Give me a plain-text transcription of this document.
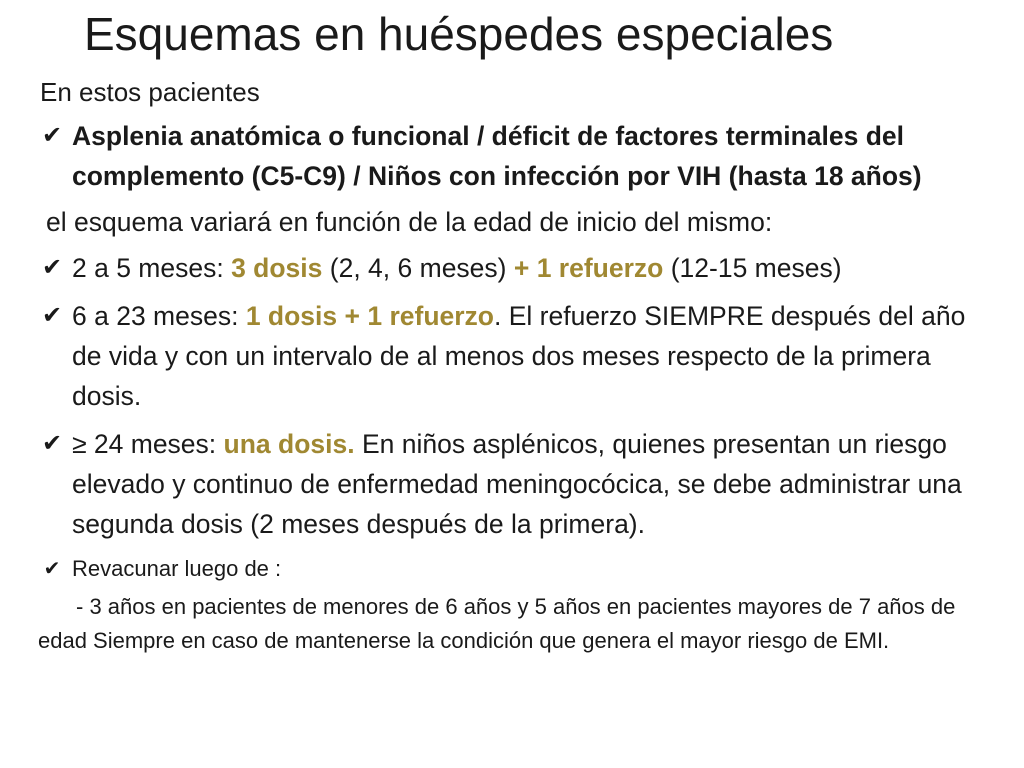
Esquemas en huéspedes especiales
En estos pacientes
✔ Asplenia anatómica o funcional / déficit de factores terminales del complemento (C5-C9) / Niños con infección por VIH (hasta 18 años)
el esquema variará en función de la edad de inicio del mismo:
✔ 2 a 5 meses: 3 dosis (2, 4, 6 meses) + 1 refuerzo (12-15 meses)
✔ 6 a 23 meses: 1 dosis + 1 refuerzo. El refuerzo SIEMPRE después del año de vida y con un intervalo de al menos dos meses respecto de la primera dosis.
✔ ≥ 24 meses: una dosis. En niños asplénicos, quienes presentan un riesgo elevado y continuo de enfermedad meningocócica, se debe administrar una segunda dosis (2 meses después de la primera).
✔ Revacunar luego de :
- 3 años en pacientes de menores de 6 años y 5 años en pacientes mayores de 7 años de edad Siempre en caso de mantenerse la condición que genera el mayor riesgo de EMI.
